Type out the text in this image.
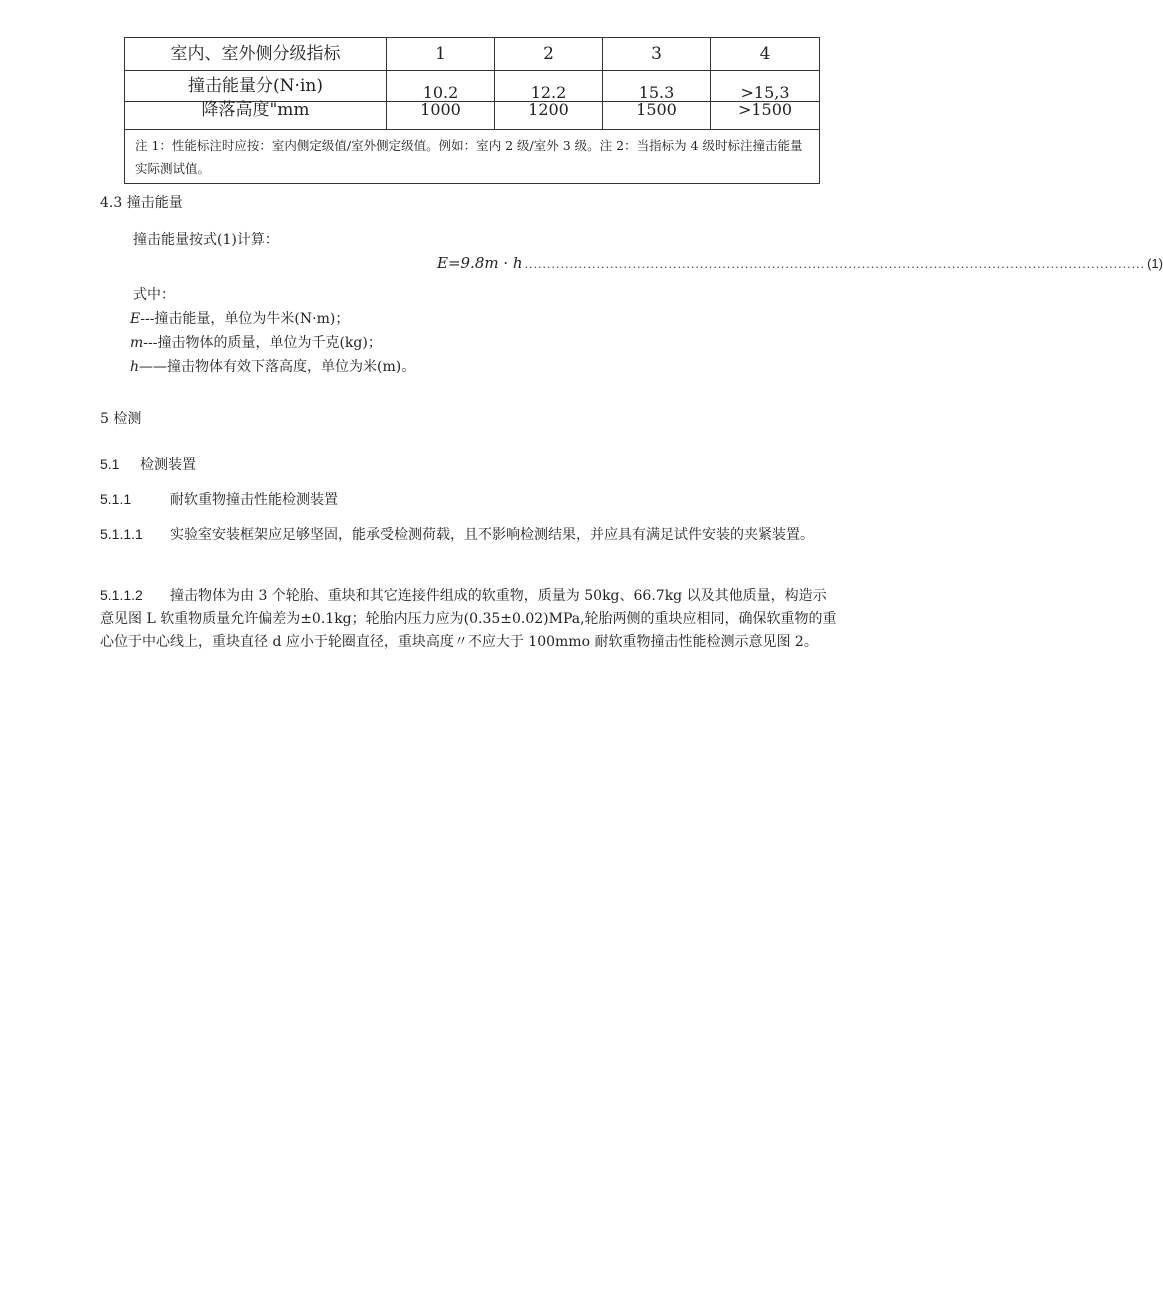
室内、室外侧分级指标	1	2	3	4
撞击能量分(N·in)	10.2	12.2	15.3	>15,3
降落高度"mm	1000	1200	1500	>1500
注 1：性能标注时应按：室内侧定级值/室外侧定级值。例如：室内 2 级/室外 3 级。注 2：当指标为 4 级时标注撞击能量实际测试值。				
4.3 撞击能量
撞击能量按式(1)计算：
E=9.8m · h .......................................................................................................................................... (1)
式中：
E---撞击能量，单位为牛米(N·m)；
m---撞击物体的质量，单位为千克(kg)；
h——撞击物体有效下落高度，单位为米(m)。
5 检测
5.1 检测装置
5.1.1	耐软重物撞击性能检测装置
5.1.1.1 实验室安装框架应足够坚固，能承受检测荷载，且不影响检测结果，并应具有满足试件安装的夹紧装置。
5.1.1.2 撞击物体为由 3 个轮胎、重块和其它连接件组成的软重物，质量为 50kg、66.7kg 以及其他质量，构造示意见图 L 软重物质量允许偏差为±0.1kg；轮胎内压力应为(0.35±0.02)MPa,轮胎两侧的重块应相同，确保软重物的重心位于中心线上，重块直径 d 应小于轮圈直径，重块高度〃不应大于 100mmo 耐软重物撞击性能检测示意见图 2。
